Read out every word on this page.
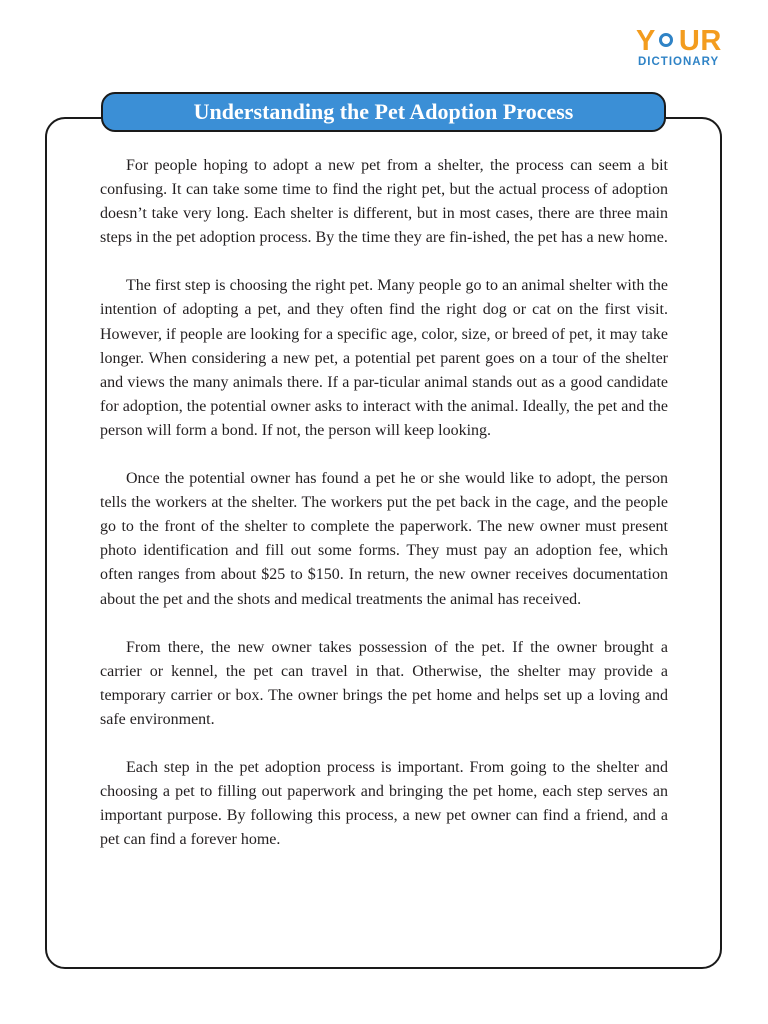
Y UR
DICTIONARY
Understanding the Pet Adoption Process

For people hoping to adopt a new pet from a shelter, the process can seem a bit confusing. It can take some time to find the right pet, but the actual process of adoption doesn’t take very long. Each shelter is different, but in most cases, there are three main steps in the pet adoption process. By the time they are fin-ished, the pet has a new home.

The first step is choosing the right pet. Many people go to an animal shelter with the intention of adopting a pet, and they often find the right dog or cat on the first visit. However, if people are looking for a specific age, color, size, or breed of pet, it may take longer. When considering a new pet, a potential pet parent goes on a tour of the shelter and views the many animals there. If a par-ticular animal stands out as a good candidate for adoption, the potential owner asks to interact with the animal. Ideally, the pet and the person will form a bond. If not, the person will keep looking.

Once the potential owner has found a pet he or she would like to adopt, the person tells the workers at the shelter. The workers put the pet back in the cage, and the people go to the front of the shelter to complete the paperwork. The new owner must present photo identification and fill out some forms. They must pay an adoption fee, which often ranges from about $25 to $150. In return, the new owner receives documentation about the pet and the shots and medical treatments the animal has received.

From there, the new owner takes possession of the pet. If the owner brought a carrier or kennel, the pet can travel in that. Otherwise, the shelter may provide a temporary carrier or box. The owner brings the pet home and helps set up a loving and safe environment.

Each step in the pet adoption process is important. From going to the shelter and choosing a pet to filling out paperwork and bringing the pet home, each step serves an important purpose. By following this process, a new pet owner can find a friend, and a pet can find a forever home.
